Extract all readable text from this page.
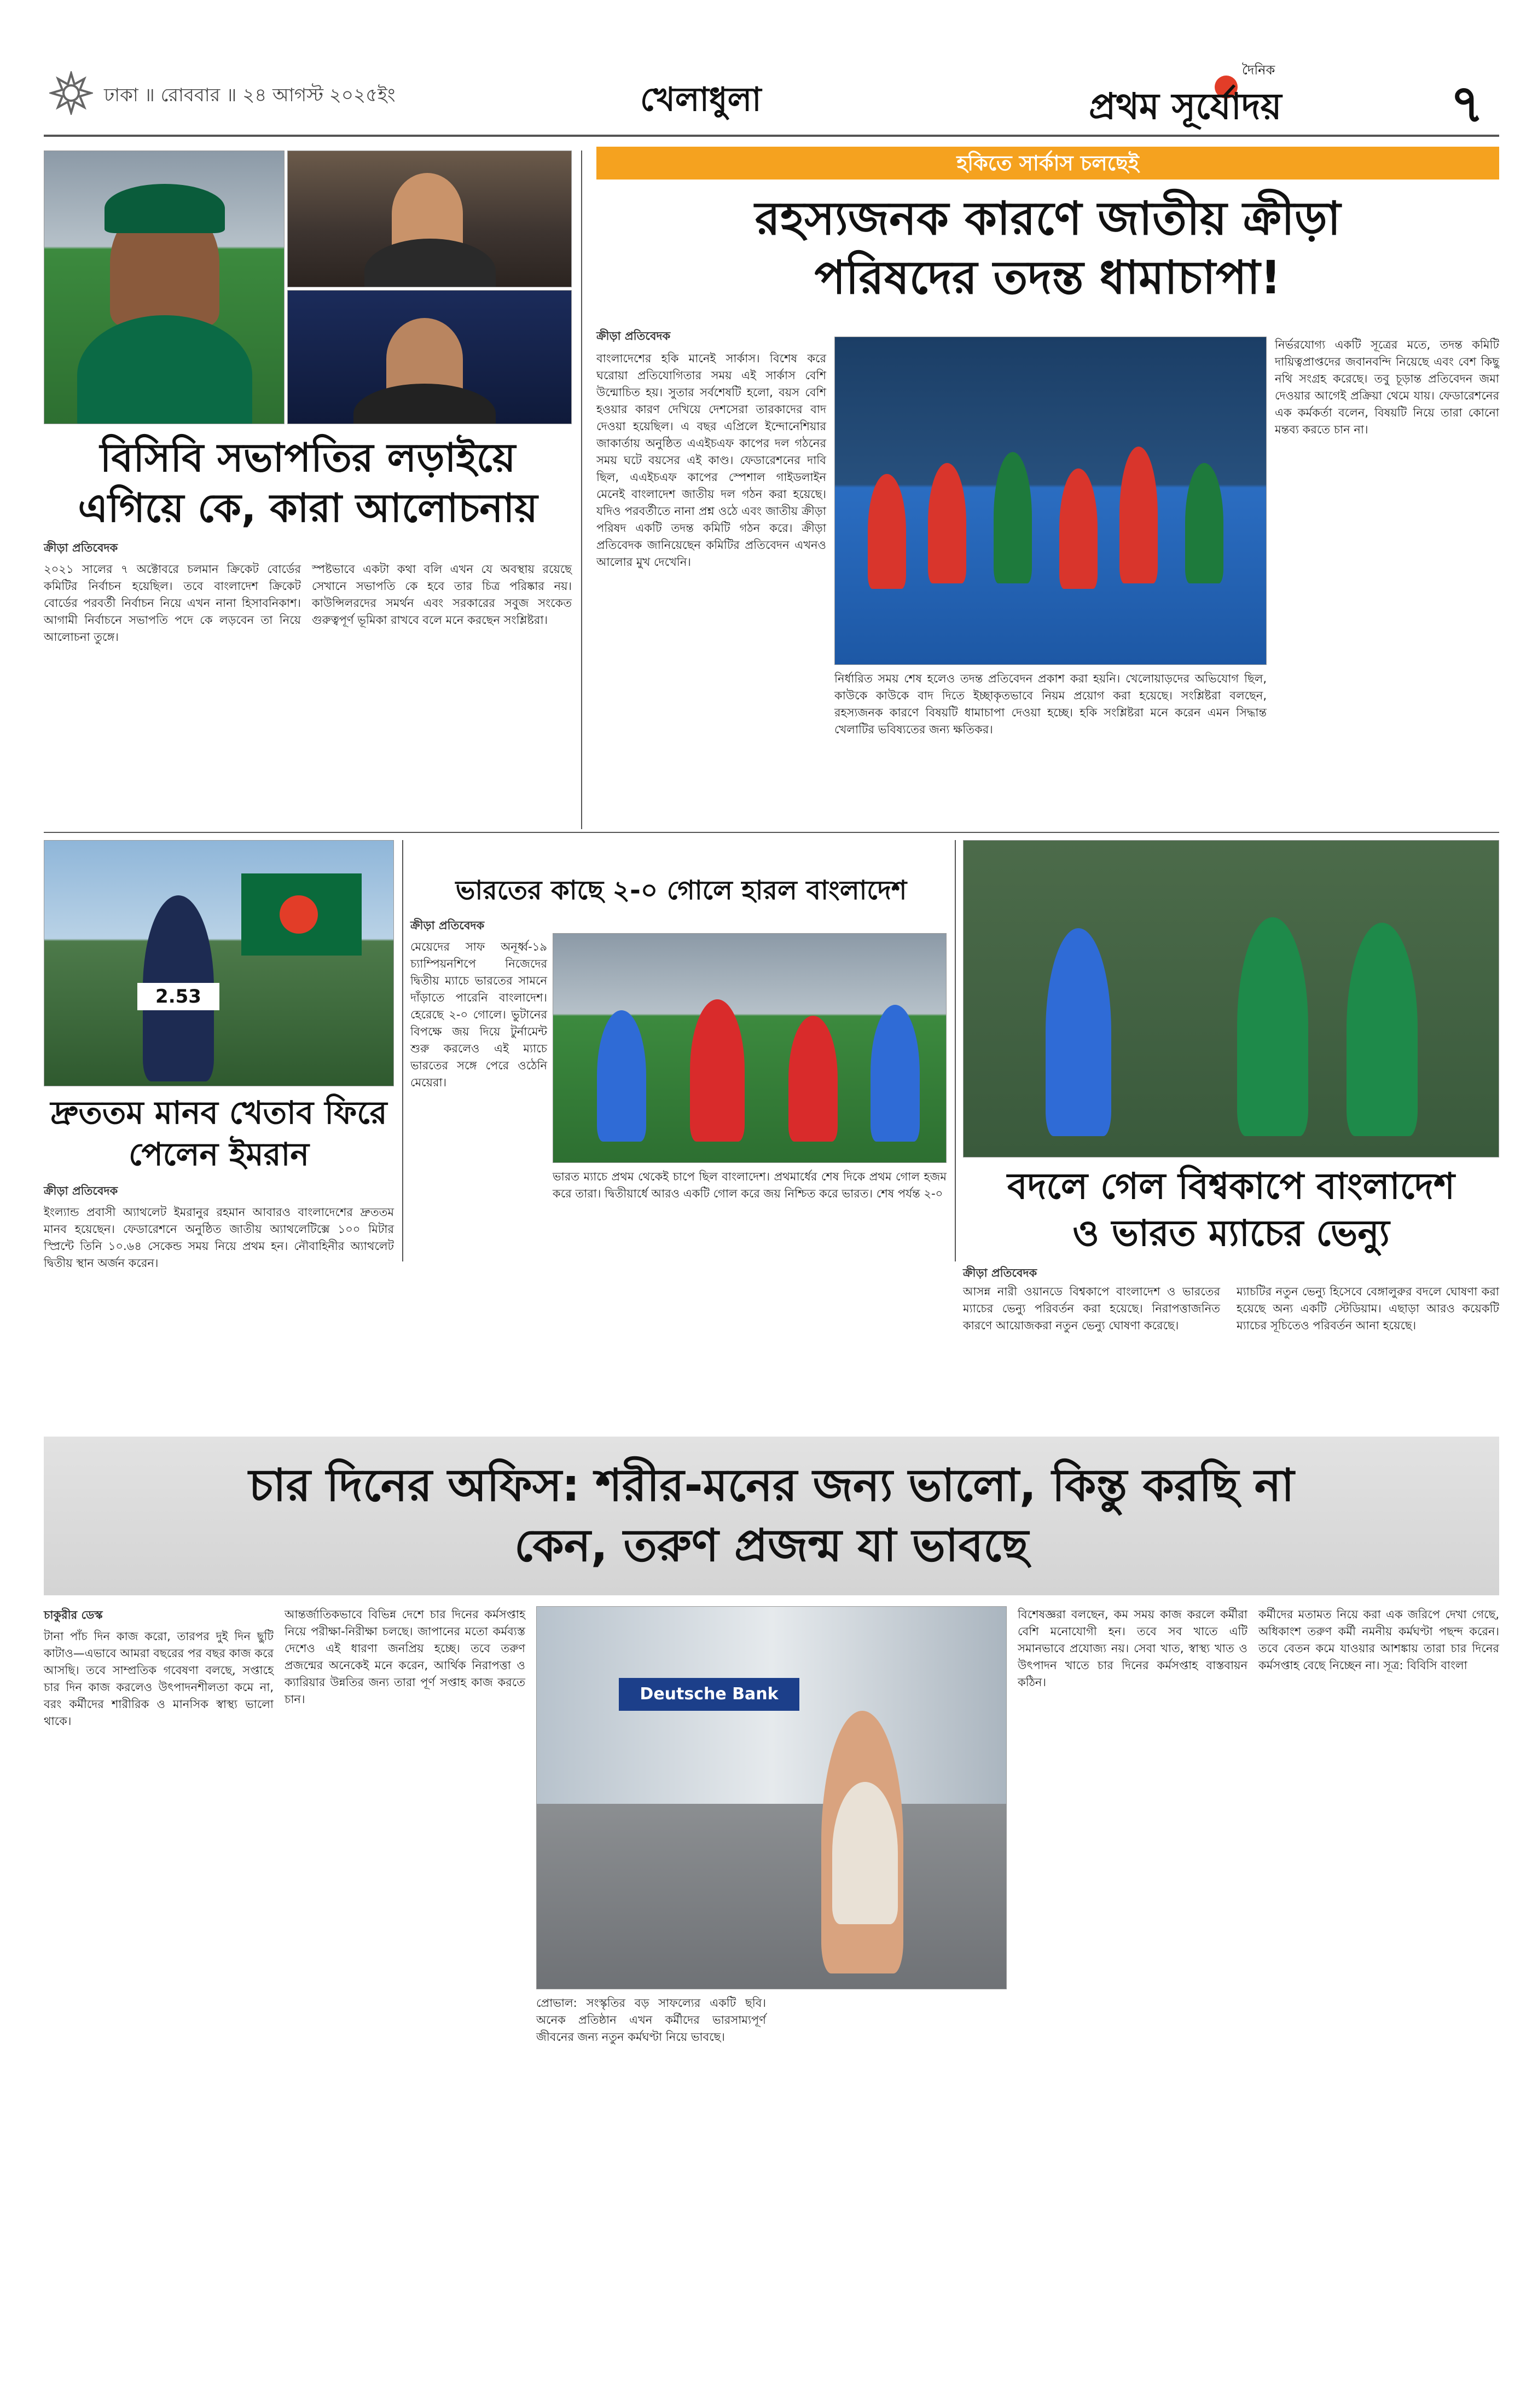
ঢাকা ॥ রোববার ॥ ২৪ আগস্ট ২০২৫ইং	খেলাধুলা
দৈনিক
প্রথম সূর্যোদয়	৭
বিসিবি সভাপতির লড়াইয়ে
এগিয়ে কে, কারা আলোচনায়
ক্রীড়া প্রতিবেদক
২০২১ সালের ৭ অক্টোবরে চলমান ক্রিকেট বোর্ডের কমিটির নির্বাচন হয়েছিল। তবে বাংলাদেশ ক্রিকেট বোর্ডের পরবর্তী নির্বাচন নিয়ে এখন নানা হিসাবনিকাশ। আগামী নির্বাচনে সভাপতি পদে কে লড়বেন তা নিয়ে আলোচনা তুঙ্গে।
স্পষ্টভাবে একটা কথা বলি এখন যে অবস্থায় রয়েছে সেখানে সভাপতি কে হবে তার চিত্র পরিষ্কার নয়। কাউন্সিলরদের সমর্থন এবং সরকারের সবুজ সংকেত গুরুত্বপূর্ণ ভূমিকা রাখবে বলে মনে করছেন সংশ্লিষ্টরা।
হকিতে সার্কাস চলছেই
রহস্যজনক কারণে জাতীয় ক্রীড়া
পরিষদের তদন্ত ধামাচাপা!
ক্রীড়া প্রতিবেদক
বাংলাদেশের হকি মানেই সার্কাস। বিশেষ করে ঘরোয়া প্রতিযোগিতার সময় এই সার্কাস বেশি উন্মোচিত হয়। সুতার সর্বশেষটি হলো, বয়স বেশি হওয়ার কারণ দেখিয়ে দেশসেরা তারকাদের বাদ দেওয়া হয়েছিল। এ বছর এপ্রিলে ইন্দোনেশিয়ার জাকার্তায় অনুষ্ঠিত এএইচএফ কাপের দল গঠনের সময় ঘটে বয়সের এই কাণ্ড। ফেডারেশনের দাবি ছিল, এএইচএফ কাপের স্পেশাল গাইডলাইন মেনেই বাংলাদেশ জাতীয় দল গঠন করা হয়েছে। যদিও পরবর্তীতে নানা প্রশ্ন ওঠে এবং জাতীয় ক্রীড়া পরিষদ একটি তদন্ত কমিটি গঠন করে। ক্রীড়া প্রতিবেদক জানিয়েছেন কমিটির প্রতিবেদন এখনও আলোর মুখ দেখেনি।
নির্ধারিত সময় শেষ হলেও তদন্ত প্রতিবেদন প্রকাশ করা হয়নি। খেলোয়াড়দের অভিযোগ ছিল, কাউকে কাউকে বাদ দিতে ইচ্ছাকৃতভাবে নিয়ম প্রয়োগ করা হয়েছে। সংশ্লিষ্টরা বলছেন, রহস্যজনক কারণে বিষয়টি ধামাচাপা দেওয়া হচ্ছে। হকি সংশ্লিষ্টরা মনে করেন এমন সিদ্ধান্ত খেলাটির ভবিষ্যতের জন্য ক্ষতিকর।
নির্ভরযোগ্য একটি সূত্রের মতে, তদন্ত কমিটি দায়িত্বপ্রাপ্তদের জবানবন্দি নিয়েছে এবং বেশ কিছু নথি সংগ্রহ করেছে। তবু চূড়ান্ত প্রতিবেদন জমা দেওয়ার আগেই প্রক্রিয়া থেমে যায়। ফেডারেশনের এক কর্মকর্তা বলেন, বিষয়টি নিয়ে তারা কোনো মন্তব্য করতে চান না।
2.53
দ্রুততম মানব খেতাব ফিরে
পেলেন ইমরান
ক্রীড়া প্রতিবেদক
ইংল্যান্ড প্রবাসী অ্যাথলেট ইমরানুর রহমান আবারও বাংলাদেশের দ্রুততম মানব হয়েছেন। ফেডারেশনে অনুষ্ঠিত জাতীয় অ্যাথলেটিক্সে ১০০ মিটার স্প্রিন্টে তিনি ১০.৬৪ সেকেন্ড সময় নিয়ে প্রথম হন। নৌবাহিনীর অ্যাথলেট দ্বিতীয় স্থান অর্জন করেন।
ভারতের কাছে ২-০ গোলে হারল বাংলাদেশ
ক্রীড়া প্রতিবেদক
মেয়েদের সাফ অনূর্ধ্ব-১৯ চ্যাম্পিয়নশিপে নিজেদের দ্বিতীয় ম্যাচে ভারতের সামনে দাঁড়াতে পারেনি বাংলাদেশ। হেরেছে ২-০ গোলে। ভুটানের বিপক্ষে জয় দিয়ে টুর্নামেন্ট শুরু করলেও এই ম্যাচে ভারতের সঙ্গে পেরে ওঠেনি মেয়েরা।
ভারত ম্যাচে প্রথম থেকেই চাপে ছিল বাংলাদেশ। প্রথমার্ধের শেষ দিকে প্রথম গোল হজম করে তারা। দ্বিতীয়ার্ধে আরও একটি গোল করে জয় নিশ্চিত করে ভারত। শেষ পর্যন্ত ২-০	বদলে গেল বিশ্বকাপে বাংলাদেশ
ও ভারত ম্যাচের ভেন্যু
ক্রীড়া প্রতিবেদক
আসন্ন নারী ওয়ানডে বিশ্বকাপে বাংলাদেশ ও ভারতের ম্যাচের ভেন্যু পরিবর্তন করা হয়েছে। নিরাপত্তাজনিত কারণে আয়োজকরা নতুন ভেন্যু ঘোষণা করেছে।
ম্যাচটির নতুন ভেন্যু হিসেবে বেঙ্গালুরুর বদলে ঘোষণা করা হয়েছে অন্য একটি স্টেডিয়াম। এছাড়া আরও কয়েকটি ম্যাচের সূচিতেও পরিবর্তন আনা হয়েছে।
চার দিনের অফিস: শরীর-মনের জন্য ভালো, কিন্তু করছি না
কেন, তরুণ প্রজন্ম যা ভাবছে
চাকুরীর ডেস্ক
টানা পাঁচ দিন কাজ করো, তারপর দুই দিন ছুটি কাটাও—এভাবে আমরা বছরের পর বছর কাজ করে আসছি। তবে সাম্প্রতিক গবেষণা বলছে, সপ্তাহে চার দিন কাজ করলেও উৎপাদনশীলতা কমে না, বরং কর্মীদের শারীরিক ও মানসিক স্বাস্থ্য ভালো থাকে।
আন্তর্জাতিকভাবে বিভিন্ন দেশে চার দিনের কর্মসপ্তাহ নিয়ে পরীক্ষা-নিরীক্ষা চলছে। জাপানের মতো কর্মব্যস্ত দেশেও এই ধারণা জনপ্রিয় হচ্ছে। তবে তরুণ প্রজন্মের অনেকেই মনে করেন, আর্থিক নিরাপত্তা ও ক্যারিয়ার উন্নতির জন্য তারা পূর্ণ সপ্তাহ কাজ করতে চান।	Deutsche Bank
প্রোভাল: সংস্কৃতির বড় সাফল্যের একটি ছবি। অনেক প্রতিষ্ঠান এখন কর্মীদের ভারসাম্যপূর্ণ জীবনের জন্য নতুন কর্মঘণ্টা নিয়ে ভাবছে।
বিশেষজ্ঞরা বলছেন, কম সময় কাজ করলে কর্মীরা বেশি মনোযোগী হন। তবে সব খাতে এটি সমানভাবে প্রযোজ্য নয়। সেবা খাত, স্বাস্থ্য খাত ও উৎপাদন খাতে চার দিনের কর্মসপ্তাহ বাস্তবায়ন কঠিন।
কর্মীদের মতামত নিয়ে করা এক জরিপে দেখা গেছে, অধিকাংশ তরুণ কর্মী নমনীয় কর্মঘণ্টা পছন্দ করেন। তবে বেতন কমে যাওয়ার আশঙ্কায় তারা চার দিনের কর্মসপ্তাহ বেছে নিচ্ছেন না। সূত্র: বিবিসি বাংলা
